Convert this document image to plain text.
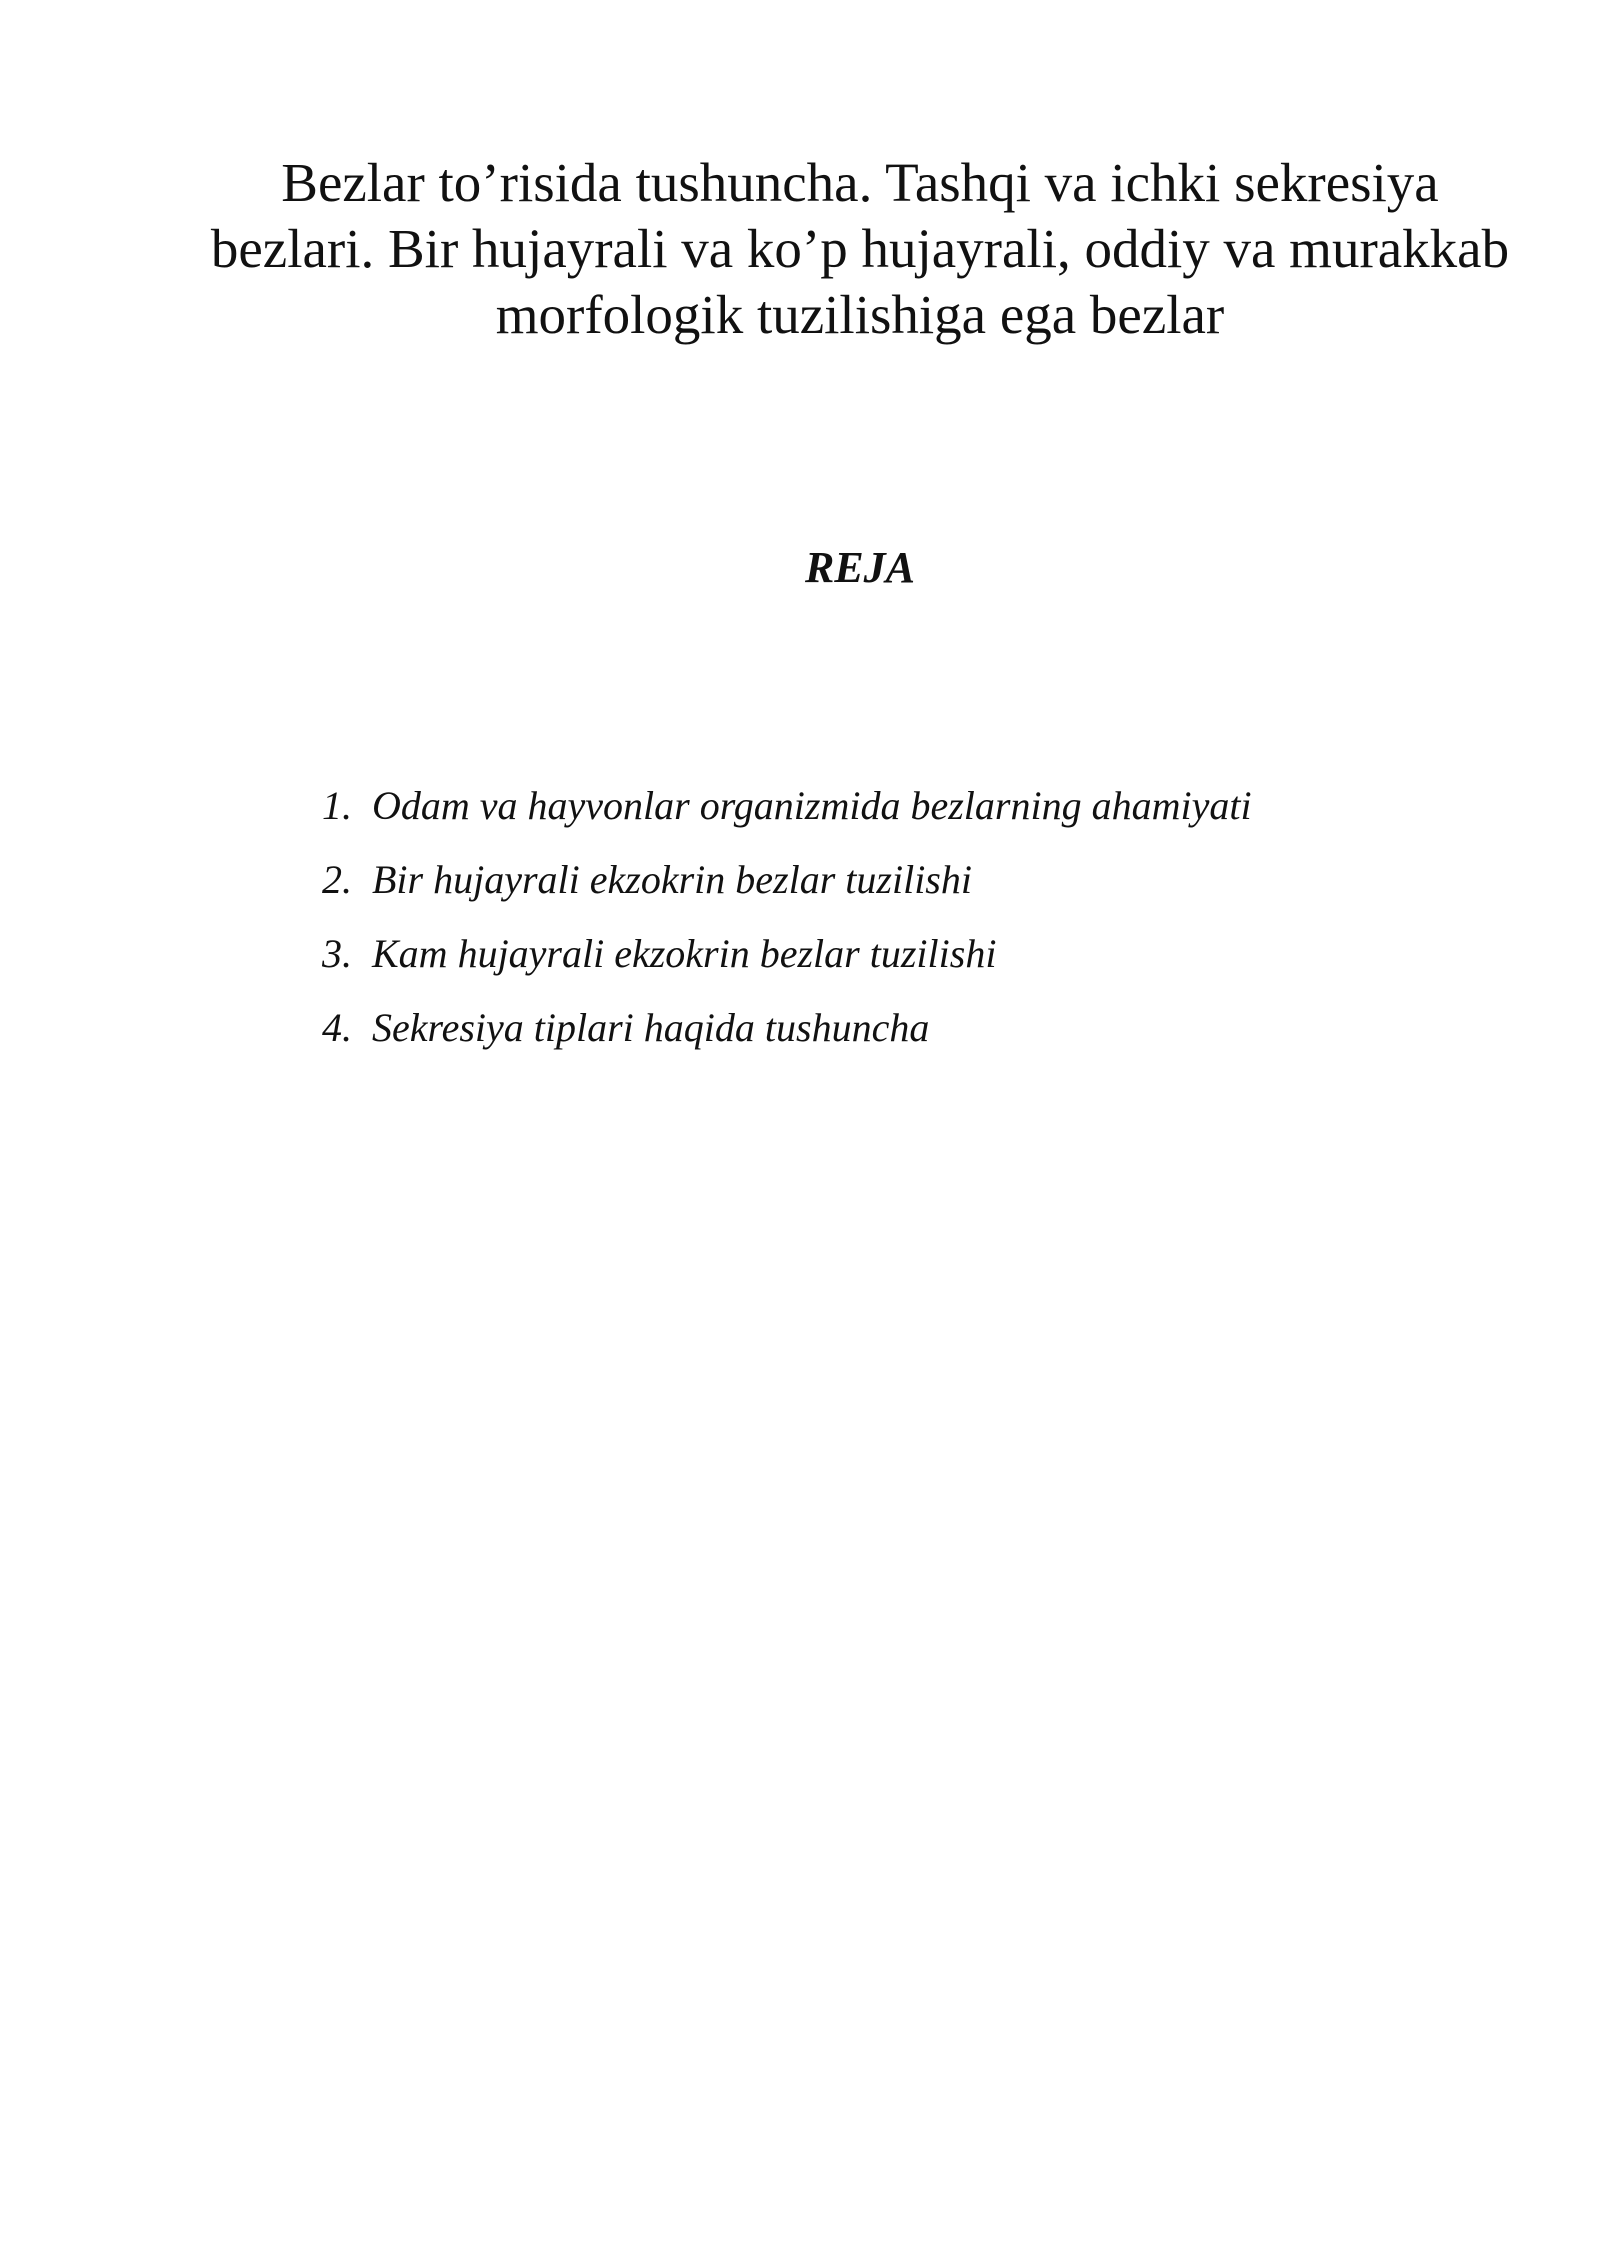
Bezlar to’risida tushuncha. Tashqi va ichki sekresiya bezlari. Bir hujayrali va ko’p hujayrali, oddiy va murakkab morfologik tuzilishiga ega bezlar
REJA
1. Odam va hayvonlar organizmida bezlarning ahamiyati
2. Bir hujayrali ekzokrin bezlar tuzilishi
3. Kam hujayrali ekzokrin bezlar tuzilishi
4. Sekresiya tiplari haqida tushuncha
